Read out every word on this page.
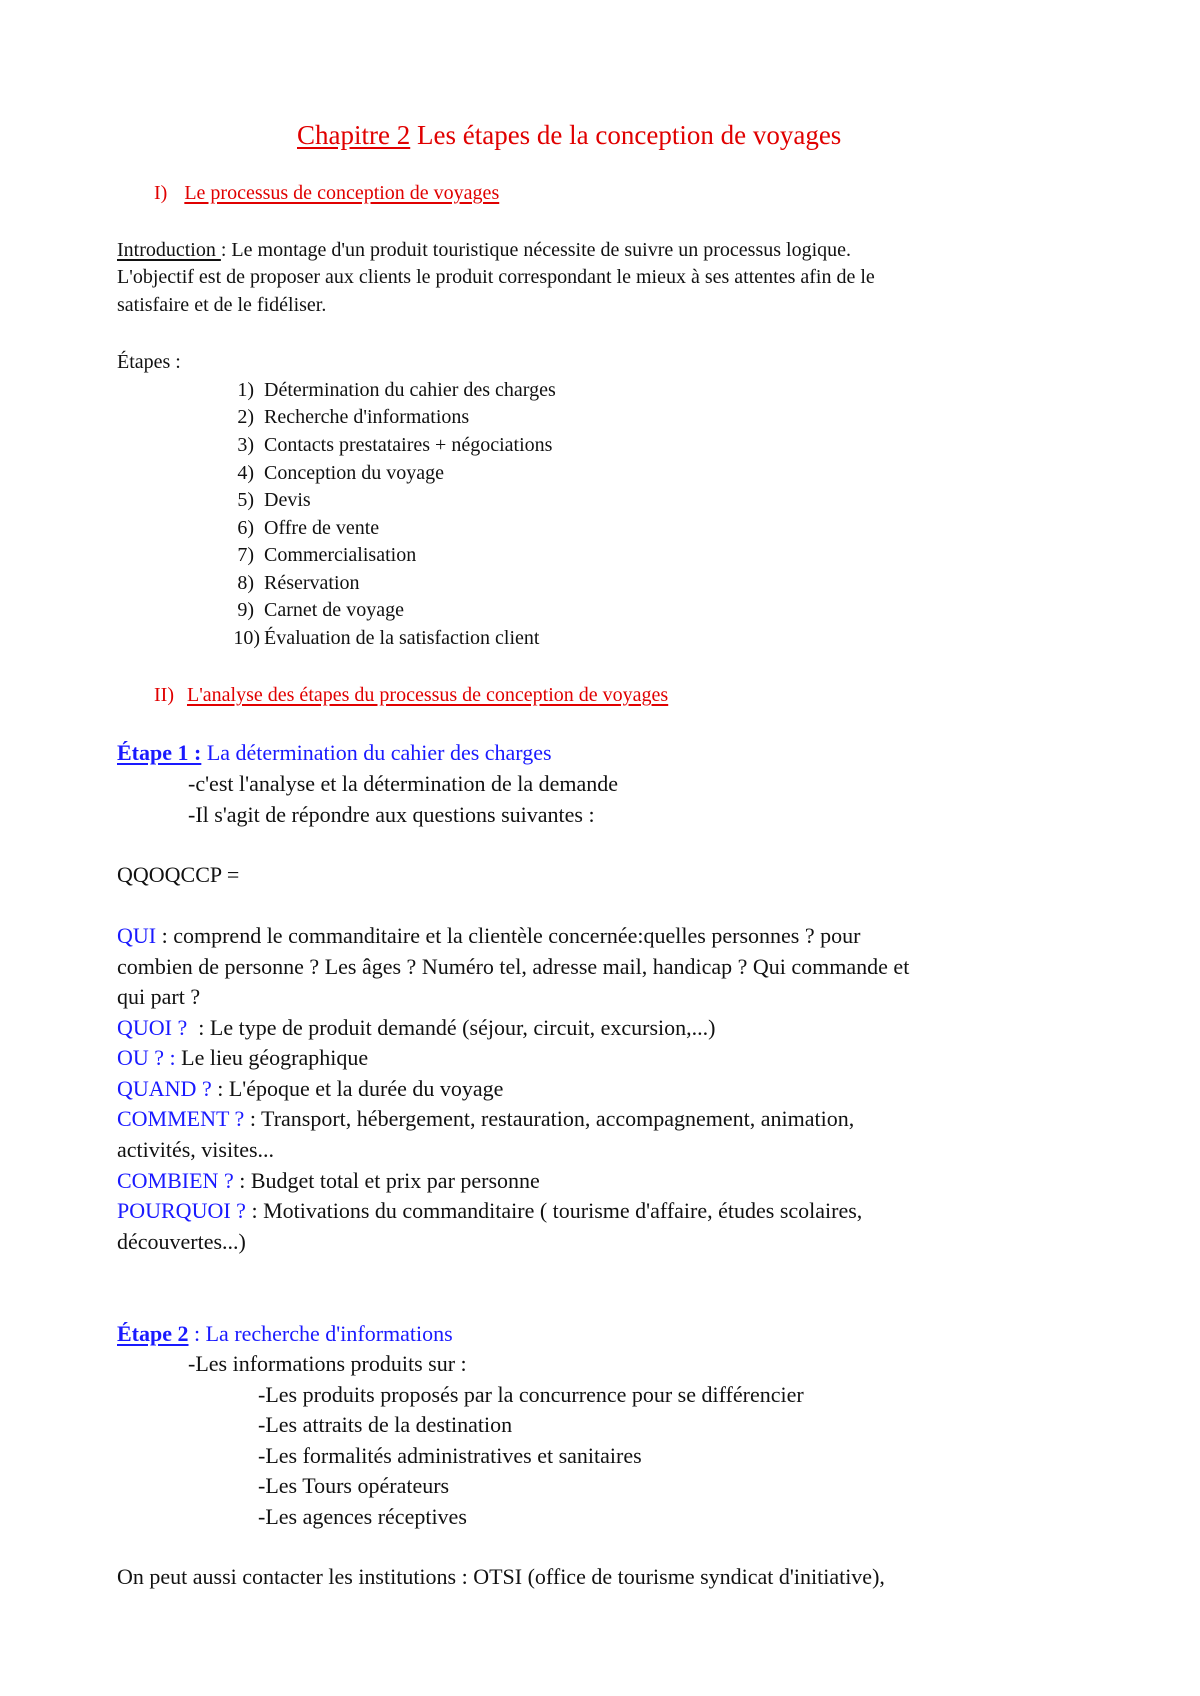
Chapitre 2 Les étapes de la conception de voyages
I) Le processus de conception de voyages
Introduction : Le montage d'un produit touristique nécessite de suivre un processus logique.
L'objectif est de proposer aux clients le produit correspondant le mieux à ses attentes afin de le
satisfaire et de le fidéliser.
Étapes :
1) Détermination du cahier des charges
2) Recherche d'informations
3) Contacts prestataires + négociations
4) Conception du voyage
5) Devis
6) Offre de vente
7) Commercialisation
8) Réservation
9) Carnet de voyage
10) Évaluation de la satisfaction client
II) L'analyse des étapes du processus de conception de voyages
Étape 1 : La détermination du cahier des charges
-c'est l'analyse et la détermination de la demande
-Il s'agit de répondre aux questions suivantes :
QQOQCCP =
QUI : comprend le commanditaire et la clientèle concernée:quelles personnes ? pour
combien de personne ? Les âges ? Numéro tel, adresse mail, handicap ? Qui commande et
qui part ?
QUOI ?  : Le type de produit demandé (séjour, circuit, excursion,...)
OU ? : Le lieu géographique
QUAND ? : L'époque et la durée du voyage
COMMENT ? : Transport, hébergement, restauration, accompagnement, animation,
activités, visites...
COMBIEN ? : Budget total et prix par personne
POURQUOI ? : Motivations du commanditaire ( tourisme d'affaire, études scolaires,
découvertes...)
Étape 2 : La recherche d'informations
-Les informations produits sur :
-Les produits proposés par la concurrence pour se différencier
-Les attraits de la destination
-Les formalités administratives et sanitaires
-Les Tours opérateurs
-Les agences réceptives
On peut aussi contacter les institutions : OTSI (office de tourisme syndicat d'initiative),
